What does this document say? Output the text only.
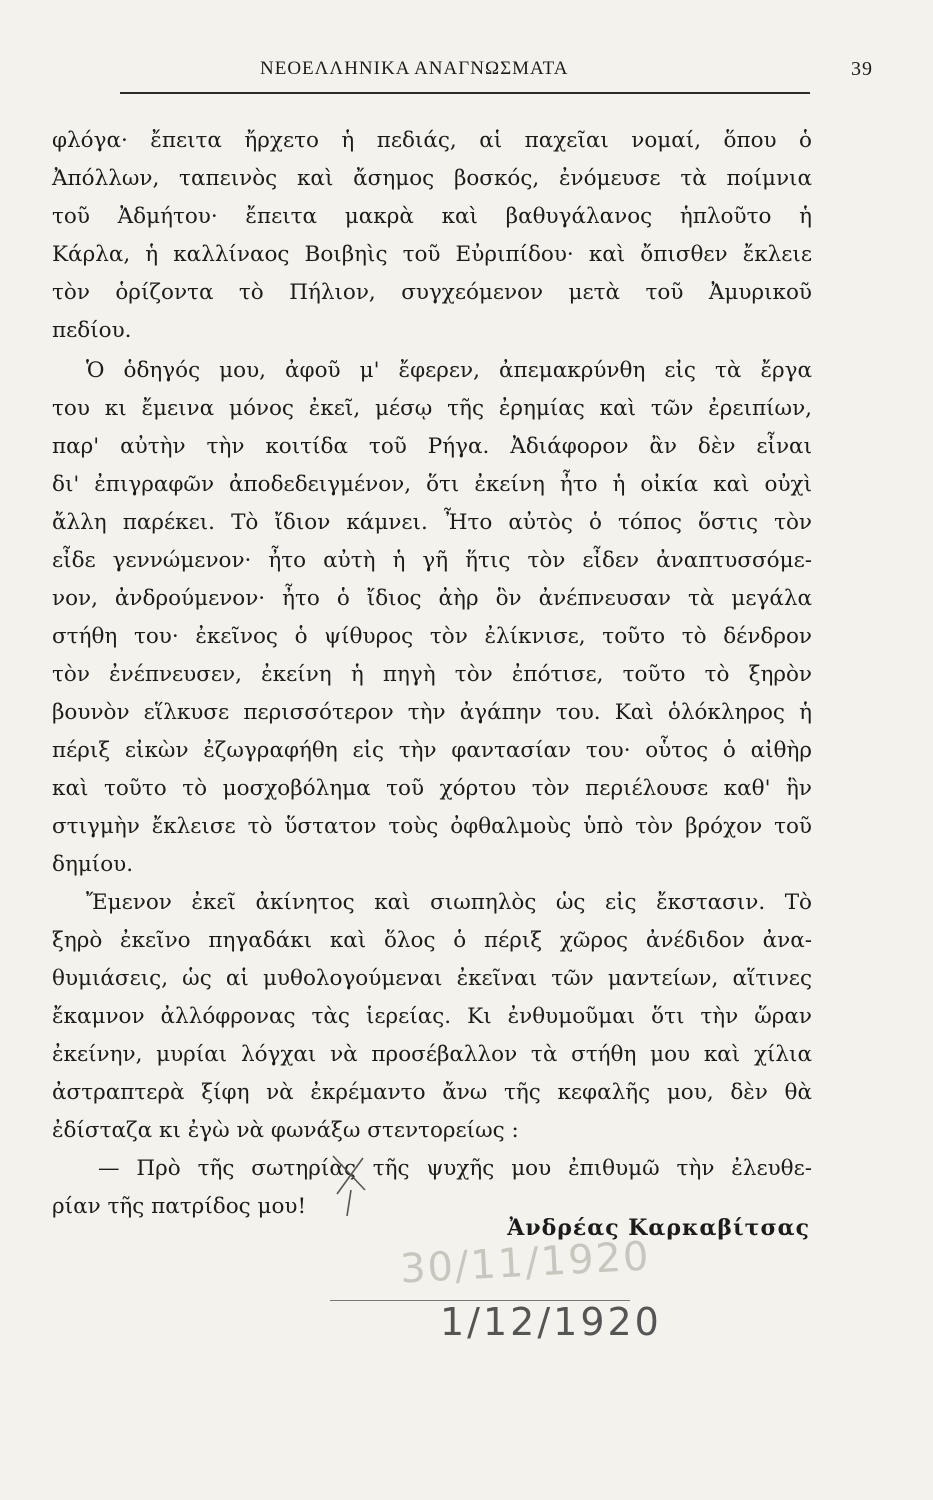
ΝΕΟΕΛΛΗΝΙΚΑ ΑΝΑΓΝΩΣΜΑΤΑ	39
φλόγα· ἔπειτα ἤρχετο ἡ πεδιάς, αἱ παχεῖαι νομαί, ὅπου ὁ
Ἀπόλλων, ταπεινὸς καὶ ἄσημος βοσκός, ἐνόμευσε τὰ ποίμνια
τοῦ Ἀδμήτου· ἔπειτα μακρὰ καὶ βαθυγάλανος ἡπλοῦτο ἡ
Κάρλα, ἡ καλλίναος Βοιβηὶς τοῦ Εὐριπίδου· καὶ ὄπισθεν ἔκλειε
τὸν ὁρίζοντα τὸ Πήλιον, συγχεόμενον μετὰ τοῦ Ἀμυρικοῦ
πεδίου.
Ὁ ὁδηγός μου, ἀφοῦ μ' ἔφερεν, ἀπεμακρύνθη εἰς τὰ ἔργα
του κι ἔμεινα μόνος ἐκεῖ, μέσῳ τῆς ἐρημίας καὶ τῶν ἐρειπίων,
παρ' αὐτὴν τὴν κοιτίδα τοῦ Ρήγα. Ἀδιάφορον ἂν δὲν εἶναι
δι' ἐπιγραφῶν ἀποδεδειγμένον, ὅτι ἐκείνη ἦτο ἡ οἰκία καὶ οὐχὶ
ἄλλη παρέκει. Τὸ ἴδιον κάμνει. Ἦτο αὐτὸς ὁ τόπος ὅστις τὸν
εἶδε γεννώμενον· ἦτο αὐτὴ ἡ γῆ ἥτις τὸν εἶδεν ἀναπτυσσόμε-
νον, ἀνδρούμενον· ἦτο ὁ ἴδιος ἀὴρ ὃν ἀνέπνευσαν τὰ μεγάλα
στήθη του· ἐκεῖνος ὁ ψίθυρος τὸν ἐλίκνισε, τοῦτο τὸ δένδρον
τὸν ἐνέπνευσεν, ἐκείνη ἡ πηγὴ τὸν ἐπότισε, τοῦτο τὸ ξηρὸν
βουνὸν εἵλκυσε περισσότερον τὴν ἀγάπην του. Καὶ ὁλόκληρος ἡ
πέριξ εἰκὼν ἐζωγραφήθη εἰς τὴν φαντασίαν του· οὗτος ὁ αἰθὴρ
καὶ τοῦτο τὸ μοσχοβόλημα τοῦ χόρτου τὸν περιέλουσε καθ' ἣν
στιγμὴν ἔκλεισε τὸ ὕστατον τοὺς ὀφθαλμοὺς ὑπὸ τὸν βρόχον τοῦ
δημίου.
Ἔμενον ἐκεῖ ἀκίνητος καὶ σιωπηλὸς ὡς εἰς ἔκστασιν. Τὸ
ξηρὸ ἐκεῖνο πηγαδάκι καὶ ὅλος ὁ πέριξ χῶρος ἀνέδιδον ἀνα-
θυμιάσεις, ὡς αἱ μυθολογούμεναι ἐκεῖναι τῶν μαντείων, αἵτινες
ἔκαμνον ἀλλόφρονας τὰς ἱερείας. Κι ἐνθυμοῦμαι ὅτι τὴν ὥραν
ἐκείνην, μυρίαι λόγχαι νὰ προσέβαλλον τὰ στήθη μου καὶ χίλια
ἀστραπτερὰ ξίφη νὰ ἐκρέμαντο ἄνω τῆς κεφαλῆς μου, δὲν θὰ
ἐδίσταζα κι ἐγὼ νὰ φωνάξω στεντορείως :
— Πρὸ τῆς σωτηρίας τῆς ψυχῆς μου ἐπιθυμῶ τὴν ἐλευθε-
ρίαν τῆς πατρίδος μου!
Ἀνδρέας Καρκαβίτσας
30/11/1920
1/12/1920
